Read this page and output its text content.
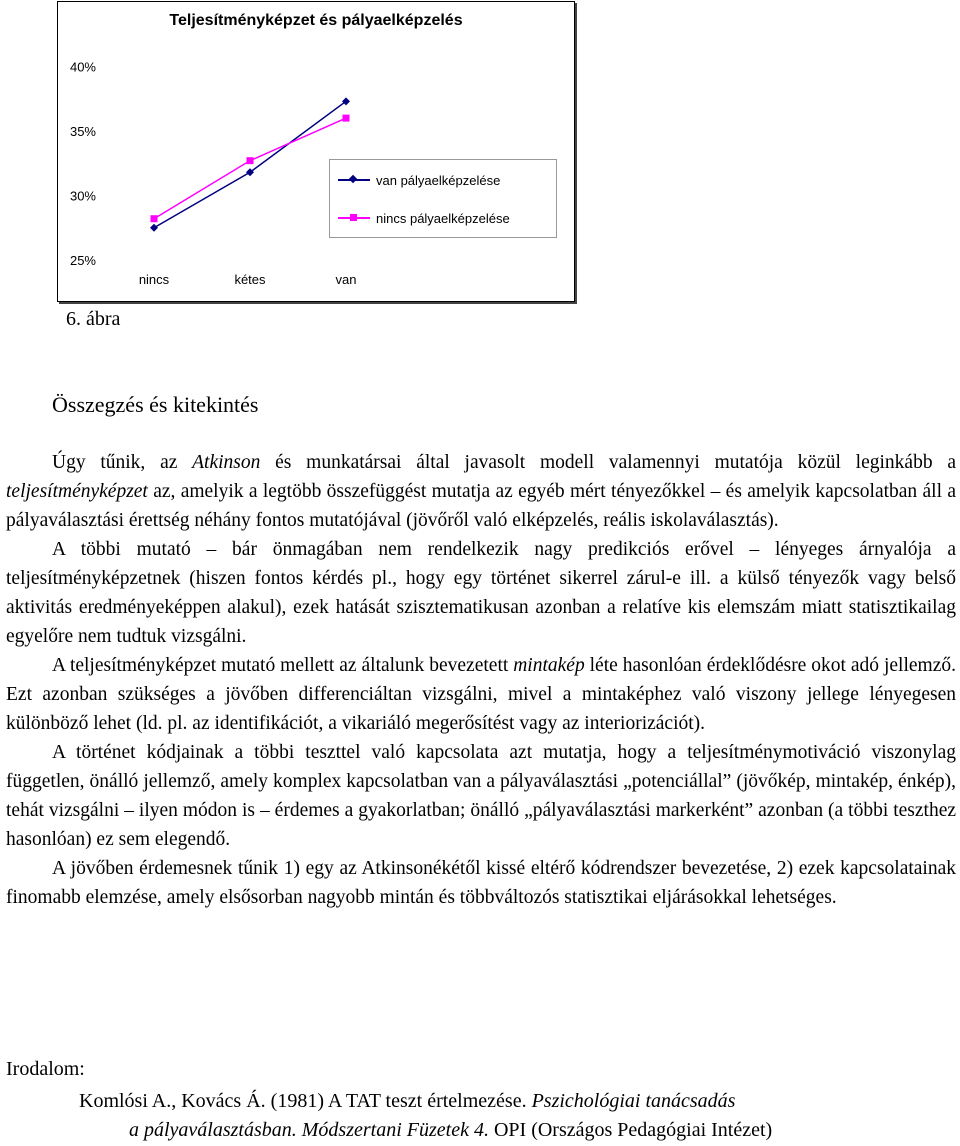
25%
30%
35%
40%
nincs	kétes	van
Teljesítményképzet és pályaelképzelés
van pályaelképzelése
nincs pályaelképzelése
6. ábra
Összegzés és kitekintés

Úgy tűnik, az Atkinson és munkatársai által javasolt modell valamennyi mutatója közül leginkább a teljesítményképzet az, amelyik a legtöbb összefüggést mutatja az egyéb mért tényezőkkel – és amelyik kapcsolatban áll a pályaválasztási érettség néhány fontos mutatójával (jövőről való elképzelés, reális iskolaválasztás).

A többi mutató – bár önmagában nem rendelkezik nagy predikciós erővel – lényeges árnyalója a teljesítményképzetnek (hiszen fontos kérdés pl., hogy egy történet sikerrel zárul-e ill. a külső tényezők vagy belső aktivitás eredményeképpen alakul), ezek hatását szisztematikusan azonban a relatíve kis elemszám miatt statisztikailag egyelőre nem tudtuk vizsgálni.

A teljesítményképzet mutató mellett az általunk bevezetett mintakép léte hasonlóan érdeklődésre okot adó jellemző. Ezt azonban szükséges a jövőben differenciáltan vizsgálni, mivel a mintaképhez való viszony jellege lényegesen különböző lehet (ld. pl. az identifikációt, a vikariáló megerősítést vagy az interiorizációt).

A történet kódjainak a többi teszttel való kapcsolata azt mutatja, hogy a teljesítménymotiváció viszonylag független, önálló jellemző, amely komplex kapcsolatban van a pályaválasztási „potenciállal” (jövőkép, mintakép, énkép), tehát vizsgálni – ilyen módon is – érdemes a gyakorlatban; önálló „pályaválasztási markerként” azonban (a többi teszthez hasonlóan) ez sem elegendő.

A jövőben érdemesnek tűnik 1) egy az Atkinsonékétől kissé eltérő kódrendszer bevezetése, 2) ezek kapcsolatainak finomabb elemzése, amely elsősorban nagyobb mintán és többváltozós statisztikai eljárásokkal lehetséges.

Irodalom:
Komlósi A., Kovács Á. (1981) A TAT teszt értelmezése. Pszichológiai tanácsadás
a pályaválasztásban. Módszertani Füzetek 4. OPI (Országos Pedagógiai Intézet)
